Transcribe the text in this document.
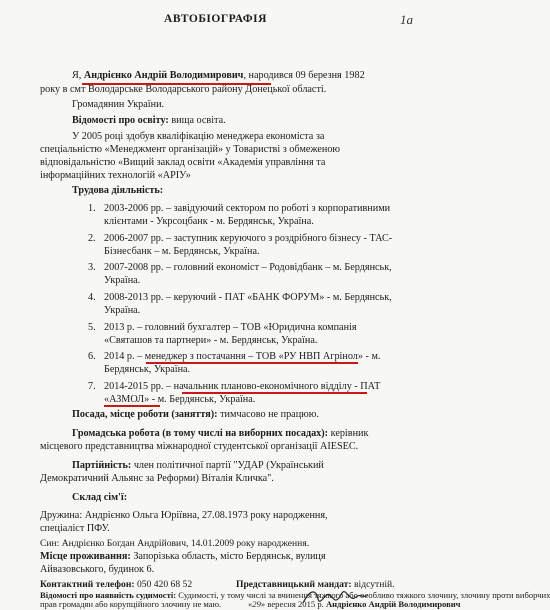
АВТОБІОГРАФІЯ	1а
Я, Андрієнко Андрій Володимирович, народився 09 березня 1982
року в смт Володарське Володарського району Донецької області.
Громадянин України.
Відомості про освіту: вища освіта.
У 2005 році здобув кваліфікацію менеджера економіста за
спеціальністю «Менеджмент організацій» у Товаристві з обмеженою
відповідальністю «Вищий заклад освіти «Академія управління та
інформаційних технологій «АРІУ»
Трудова діяльність:
1. 2003-2006 рр. – завідуючий сектором по роботі з корпоративними
клієнтами - Укрсоцбанк - м. Бердянськ, Україна.
2. 2006-2007 рр. – заступник керуючого з роздрібного бізнесу - ТАС-
Бізнесбанк – м. Бердянськ, Україна.
3. 2007-2008 рр. – головний економіст – Родовідбанк – м. Бердянськ,
Україна.
4. 2008-2013 рр. – керуючий - ПАТ «БАНК ФОРУМ» - м. Бердянськ,
Україна.
5. 2013 р. – головний бухгалтер – ТОВ «Юридична компанія
«Святашов та партнери» - м. Бердянськ, Україна.
6. 2014 р. – менеджер з постачання – ТОВ «РУ НВП Агрінол» - м.
Бердянськ, Україна.
7. 2014-2015 рр. – начальник планово-економічного відділу - ПАТ
«АЗМОЛ» - м. Бердянськ, Україна.
Посада, місце роботи (заняття): тимчасово не працюю.
Громадська робота (в тому числі на виборних посадах): керівник
місцевого представництва міжнародної студентської організації AIESEC.
Партійність: член політичної партії "УДАР (Український
Демократичний Альянс за Реформи) Віталія Кличка".
Склад сім'ї:
Дружина: Андрієнко Ольга Юріївна, 27.08.1973 року народження,
спеціаліст ПФУ.
Син: Андрієнко Богдан Андрійович, 14.01.2009 року народження.
Місце проживання: Запорізька область, місто Бердянськ, вулиця
Айвазовського, будинок 6.
Контактний телефон: 050 420 68 52	Представницький мандат: відсутній.
Відомості про наявність судимості: Судимості, у тому числі за вчинення тяжкого або особливо тяжкого злочину, злочину проти виборчих
прав громадян або корупційного злочину не маю.	«29» вересня 2015 р. Андрієнко Андрій Володимирович
